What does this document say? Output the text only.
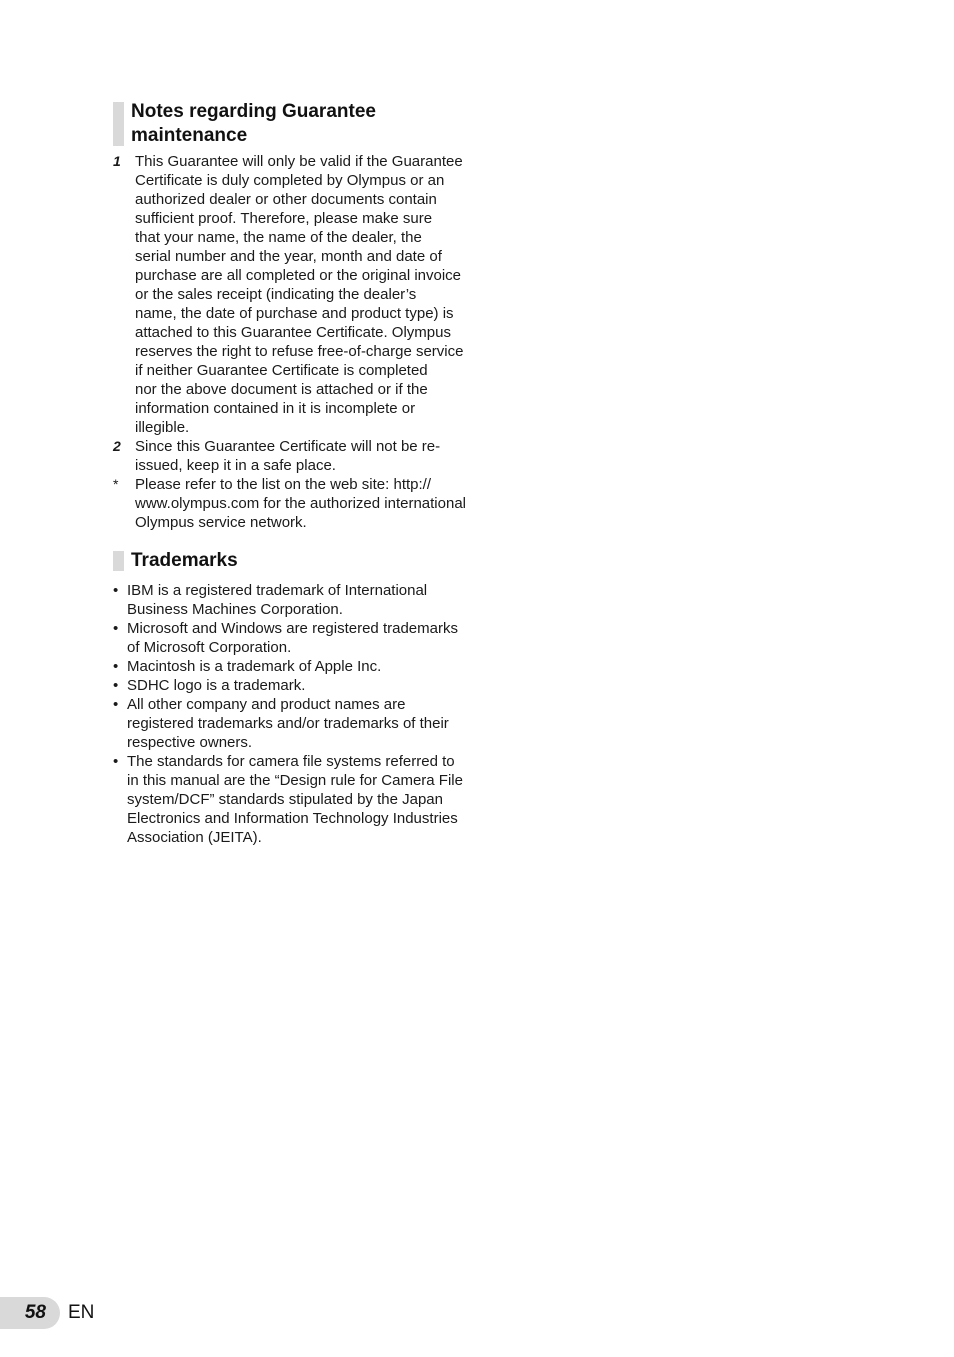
Notes regarding Guarantee
maintenance
1 This Guarantee will only be valid if the Guarantee
Certificate is duly completed by Olympus or an
authorized dealer or other documents contain
sufficient proof. Therefore, please make sure
that your name, the name of the dealer, the
serial number and the year, month and date of
purchase are all completed or the original invoice
or the sales receipt (indicating the dealer’s
name, the date of purchase and product type) is
attached to this Guarantee Certificate. Olympus
reserves the right to refuse free-of-charge service
if neither Guarantee Certificate is completed
nor the above document is attached or if the
information contained in it is incomplete or
illegible.
2 Since this Guarantee Certificate will not be re-
issued, keep it in a safe place.
* Please refer to the list on the web site: http://
www.olympus.com for the authorized international
Olympus service network.
Trademarks
• IBM is a registered trademark of International
Business Machines Corporation.
• Microsoft and Windows are registered trademarks
of Microsoft Corporation.
• Macintosh is a trademark of Apple Inc.
• SDHC logo is a trademark.
• All other company and product names are
registered trademarks and/or trademarks of their
respective owners.
• The standards for camera file systems referred to
in this manual are the “Design rule for Camera File
system/DCF” standards stipulated by the Japan
Electronics and Information Technology Industries
Association (JEITA).
58 EN
